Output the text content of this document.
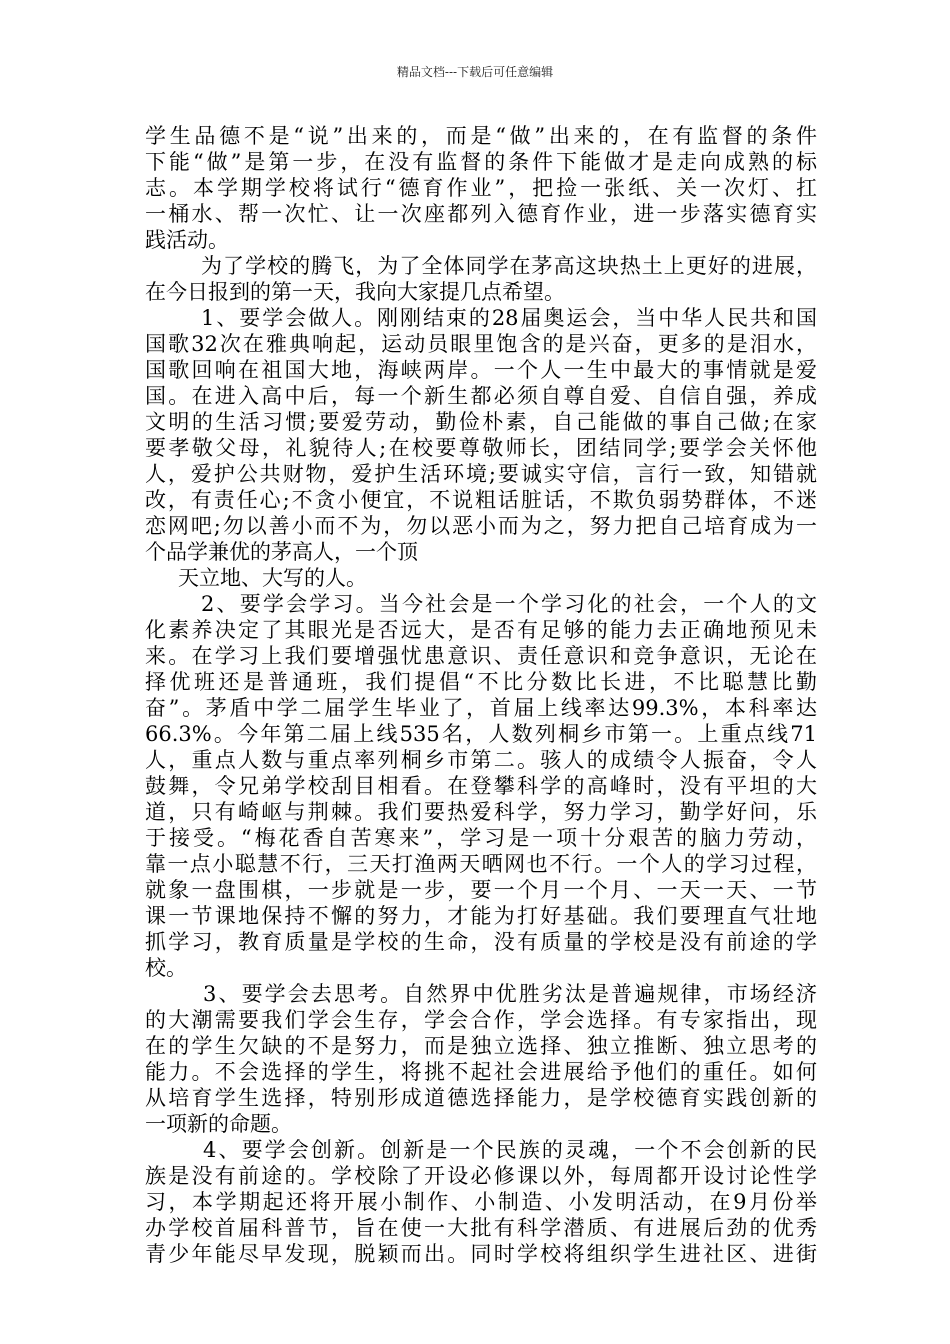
精品文档---下载后可任意编辑
学生品德不是“说”出来的，而是“做”出来的，在有监督的条件
下能“做”是第一步，在没有监督的条件下能做才是走向成熟的标
志。本学期学校将试行“德育作业”，把捡一张纸、关一次灯、扛
一桶水、帮一次忙、让一次座都列入德育作业，进一步落实德育实
践活动。
为了学校的腾飞，为了全体同学在茅高这块热土上更好的进展，
在今日报到的第一天，我向大家提几点希望。
1、要学会做人。刚刚结束的28届奥运会，当中华人民共和国
国歌32次在雅典响起，运动员眼里饱含的是兴奋，更多的是泪水，
国歌回响在祖国大地，海峡两岸。一个人一生中最大的事情就是爱
国。在进入高中后，每一个新生都必须自尊自爱、自信自强，养成
文明的生活习惯;要爱劳动，勤俭朴素，自己能做的事自己做;在家
要孝敬父母，礼貌待人;在校要尊敬师长，团结同学;要学会关怀他
人，爱护公共财物，爱护生活环境;要诚实守信，言行一致，知错就
改，有责任心;不贪小便宜，不说粗话脏话，不欺负弱势群体，不迷
恋网吧;勿以善小而不为，勿以恶小而为之，努力把自己培育成为一
个品学兼优的茅高人，一个顶
天立地、大写的人。
2、要学会学习。当今社会是一个学习化的社会，一个人的文
化素养决定了其眼光是否远大，是否有足够的能力去正确地预见未
来。在学习上我们要增强忧患意识、责任意识和竞争意识，无论在
择优班还是普通班，我们提倡“不比分数比长进，不比聪慧比勤
奋”。茅盾中学二届学生毕业了，首届上线率达99.3%，本科率达
66.3%。今年第二届上线535名，人数列桐乡市第一。上重点线71
人，重点人数与重点率列桐乡市第二。骇人的成绩令人振奋，令人
鼓舞，令兄弟学校刮目相看。在登攀科学的高峰时，没有平坦的大
道，只有崎岖与荆棘。我们要热爱科学，努力学习，勤学好问，乐
于接受。“梅花香自苦寒来”，学习是一项十分艰苦的脑力劳动，
靠一点小聪慧不行，三天打渔两天晒网也不行。一个人的学习过程，
就象一盘围棋，一步就是一步，要一个月一个月、一天一天、一节
课一节课地保持不懈的努力，才能为打好基础。我们要理直气壮地
抓学习，教育质量是学校的生命，没有质量的学校是没有前途的学
校。
3、要学会去思考。自然界中优胜劣汰是普遍规律，市场经济
的大潮需要我们学会生存，学会合作，学会选择。有专家指出，现
在的学生欠缺的不是努力，而是独立选择、独立推断、独立思考的
能力。不会选择的学生，将挑不起社会进展给予他们的重任。如何
从培育学生选择，特别形成道德选择能力，是学校德育实践创新的
一项新的命题。
4、要学会创新。创新是一个民族的灵魂，一个不会创新的民
族是没有前途的。学校除了开设必修课以外，每周都开设讨论性学
习，本学期起还将开展小制作、小制造、小发明活动，在9月份举
办学校首届科普节，旨在使一大批有科学潜质、有进展后劲的优秀
青少年能尽早发现，脱颖而出。同时学校将组织学生进社区、进街
